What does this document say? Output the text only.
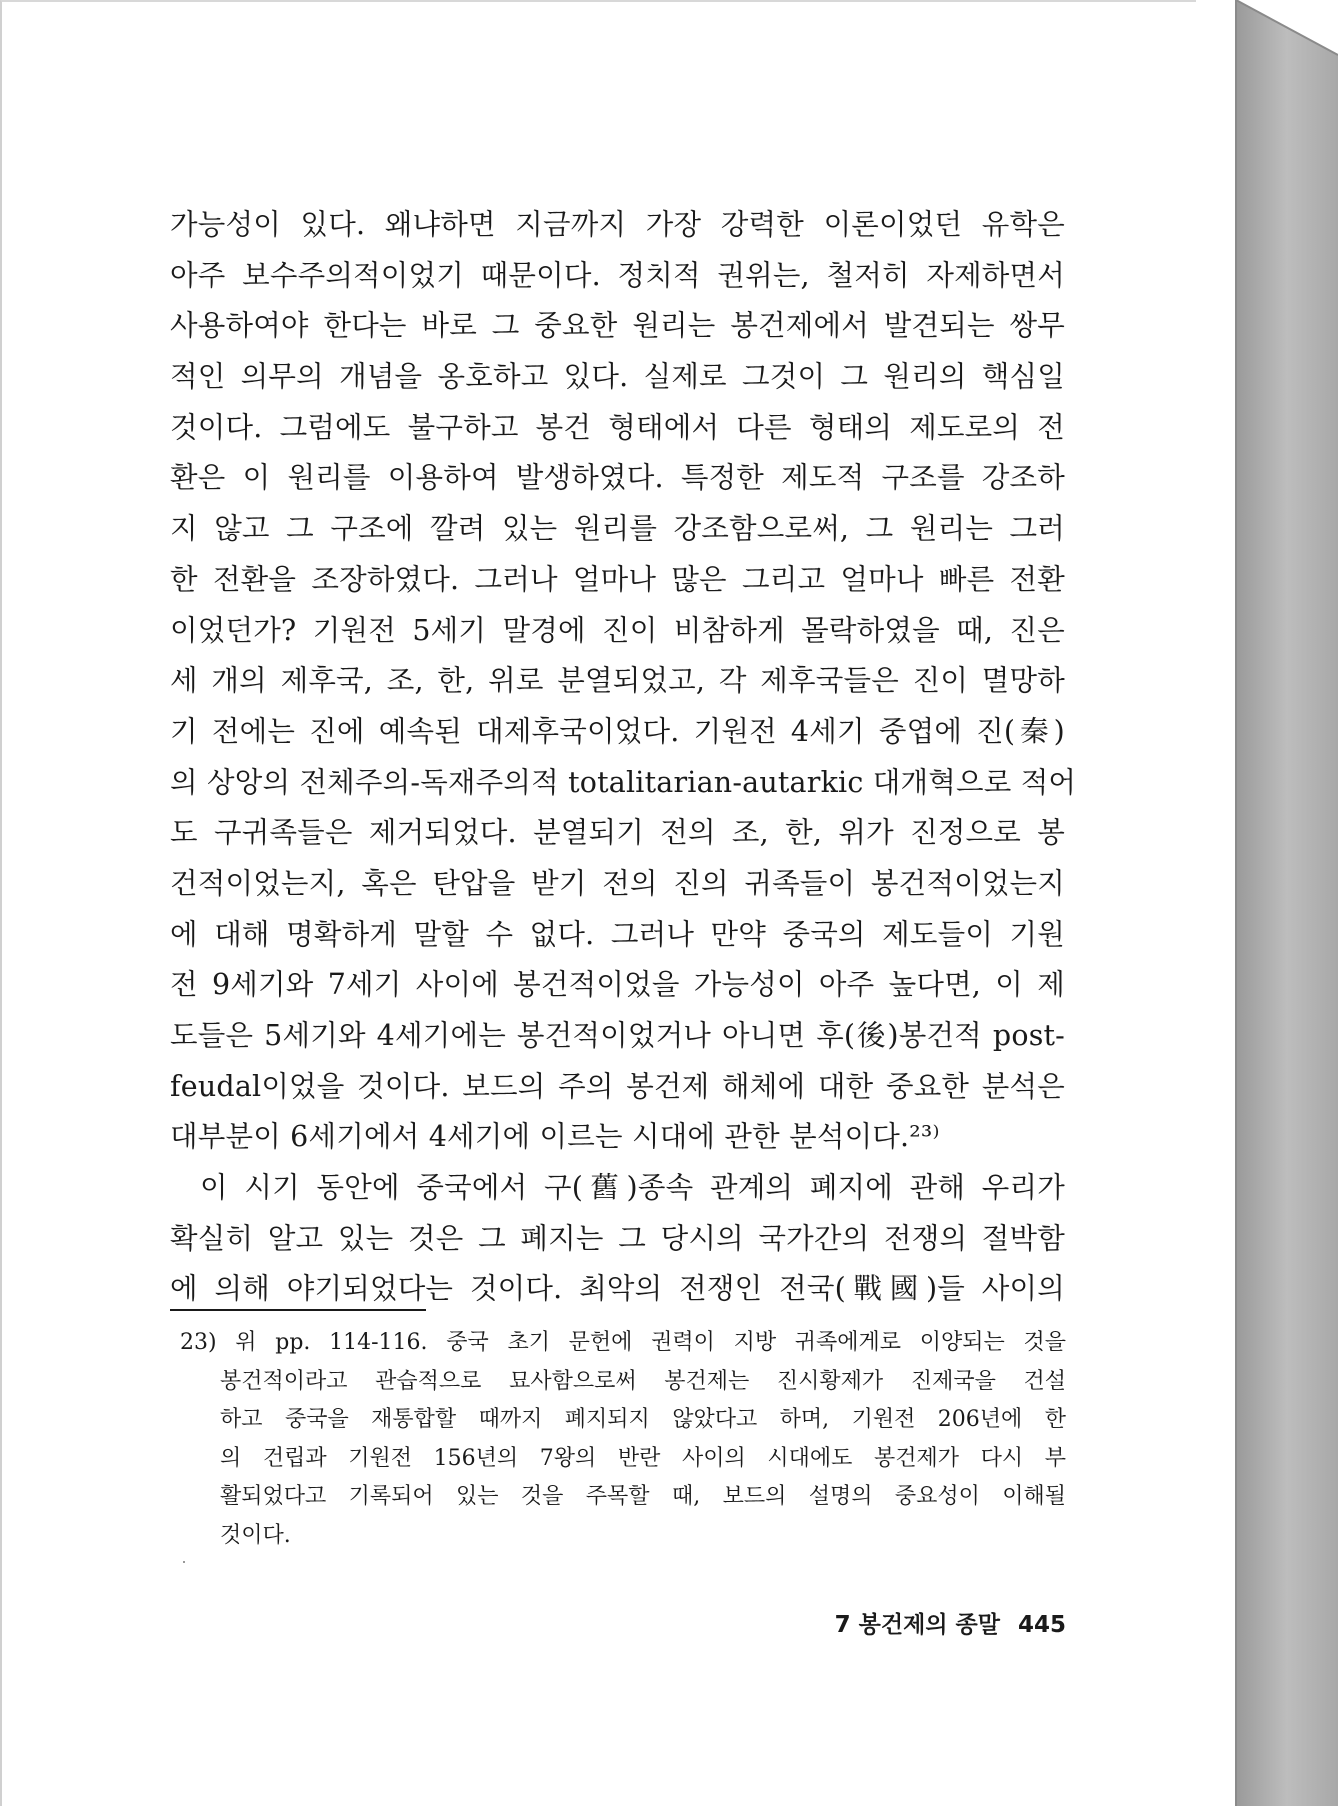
가능성이 있다. 왜냐하면 지금까지 가장 강력한 이론이었던 유학은
아주 보수주의적이었기 때문이다. 정치적 권위는, 철저히 자제하면서
사용하여야 한다는 바로 그 중요한 원리는 봉건제에서 발견되는 쌍무
적인 의무의 개념을 옹호하고 있다. 실제로 그것이 그 원리의 핵심일
것이다. 그럼에도 불구하고 봉건 형태에서 다른 형태의 제도로의 전
환은 이 원리를 이용하여 발생하였다. 특정한 제도적 구조를 강조하
지 않고 그 구조에 깔려 있는 원리를 강조함으로써, 그 원리는 그러
한 전환을 조장하였다. 그러나 얼마나 많은 그리고 얼마나 빠른 전환
이었던가? 기원전 5세기 말경에 진이 비참하게 몰락하였을 때, 진은
세 개의 제후국, 조, 한, 위로 분열되었고, 각 제후국들은 진이 멸망하
기 전에는 진에 예속된 대제후국이었다. 기원전 4세기 중엽에 진(秦)
의 상앙의 전체주의-독재주의적 totalitarian-autarkic 대개혁으로 적어
도 구귀족들은 제거되었다. 분열되기 전의 조, 한, 위가 진정으로 봉
건적이었는지, 혹은 탄압을 받기 전의 진의 귀족들이 봉건적이었는지
에 대해 명확하게 말할 수 없다. 그러나 만약 중국의 제도들이 기원
전 9세기와 7세기 사이에 봉건적이었을 가능성이 아주 높다면, 이 제
도들은 5세기와 4세기에는 봉건적이었거나 아니면 후(後)봉건적 post-
feudal이었을 것이다. 보드의 주의 봉건제 해체에 대한 중요한 분석은
대부분이 6세기에서 4세기에 이르는 시대에 관한 분석이다.²³⁾
이 시기 동안에 중국에서 구(舊)종속 관계의 폐지에 관해 우리가
확실히 알고 있는 것은 그 폐지는 그 당시의 국가간의 전쟁의 절박함
에 의해 야기되었다는 것이다. 최악의 전쟁인 전국(戰國)들 사이의
23) 위 pp. 114-116. 중국 초기 문헌에 권력이 지방 귀족에게로 이양되는 것을
봉건적이라고 관습적으로 묘사함으로써 봉건제는 진시황제가 진제국을 건설
하고 중국을 재통합할 때까지 폐지되지 않았다고 하며, 기원전 206년에 한
의 건립과 기원전 156년의 7왕의 반란 사이의 시대에도 봉건제가 다시 부
활되었다고 기록되어 있는 것을 주목할 때, 보드의 설명의 중요성이 이해될
것이다.
7 봉건제의 종말 445
